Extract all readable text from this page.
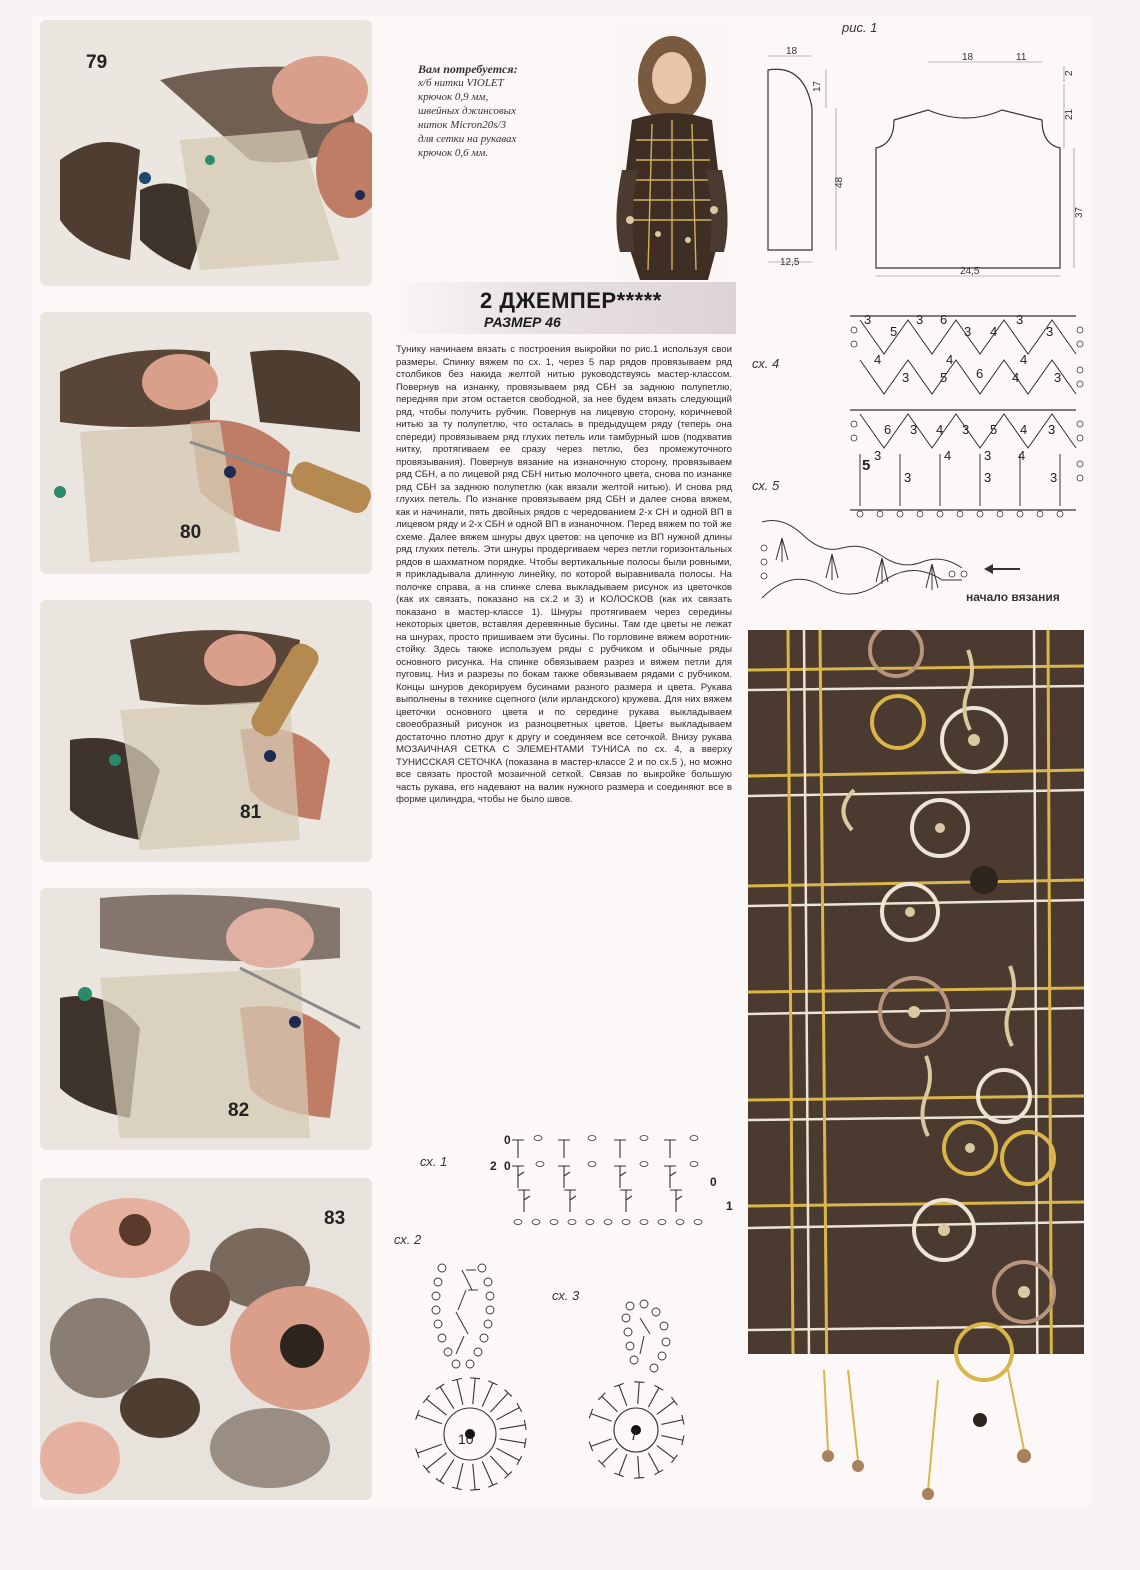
79
80
81
82
83
Вам потребуется:
х/б нитки VIOLET
крючок 0,9 мм,
швейных джинсовых
ниток Micron20s/3
для сетки на рукавах
крючок 0,6 мм.
рис. 1
18
17
48
12,5
18	11
2
21
37
24,5
2 ДЖЕМПЕР*****
РАЗМЕР 46
Тунику начинаем вязать с построения выкройки по рис.1 используя свои размеры. Спинку вяжем по сх. 1, через 5 пар рядов провязываем ряд столбиков без накида желтой нитью руководствуясь мастер-классом. Повернув на изнанку, провязываем ряд СБН за заднюю полупетлю, передняя при этом остается свободной, за нее будем вязать следующий ряд, чтобы получить рубчик. Повернув на лицевую сторону, коричневой нитью за ту полупетлю, что осталась в предыдущем ряду (теперь она спереди) провязываем ряд глухих петель или тамбурный шов (подхватив нитку, протягиваем ее сразу через петлю, без промежуточного провязывания). Повернув вязание на изнаночную сторону, провязываем ряд СБН, а по лицевой ряд СБН нитью молочного цвета, снова по изнанке ряд СБН за заднюю полупетлю (как вязали желтой нитью). И снова ряд глухих петель. По изнанке провязываем ряд СБН и далее снова вяжем, как и начинали, пять двойных рядов с чередованием 2-х СН и одной ВП в лицевом ряду и 2-х СБН и одной ВП в изнаночном. Перед вяжем по той же схеме. Далее вяжем шнуры двух цветов: на цепочке из ВП нужной длины ряд глухих петель. Эти шнуры продергиваем через петли горизонтальных рядов в шахматном порядке. Чтобы вертикальные полосы были ровными, я прикладывала длинную линейку, по которой выравнивала полосы. На полочке справа, а на спинке слева выкладываем рисунок из цветочков (как их связать, показано на сх.2 и 3) и КОЛОСКОВ (как их связать показано в мастер-классе 1). Шнуры протягиваем через середины некоторых цветов, вставляя деревянные бусины. Там где цветы не лежат на шнурах, просто пришиваем эти бусины. По горловине вяжем воротник-стойку. Здесь также используем ряды с рубчиком и обычные ряды основного рисунка. На спинке обвязываем разрез и вяжем петли для пуговиц. Низ и разрезы по бокам также обвязываем рядами с рубчиком. Концы шнуров декорируем бусинами разного размера и цвета. Рукава выполнены в технике сцепного (или ирландского) кружева. Для них вяжем цветочки основного цвета и по середине рукава выкладываем своеобразный рисунок из разноцветных цветов. Цветы выкладываем достаточно плотно друг к другу и соединяем все сеточкой. Внизу рукава МОЗАИЧНАЯ СЕТКА С ЭЛЕМЕНТАМИ ТУНИСА по сх. 4, а вверху ТУНИССКАЯ СЕТОЧКА (показана в мастер-классе 2 и по сх.5 ), но можно все связать простой мозаичной сеткой. Связав по выкройке большую часть рукава, его надевают на валик нужного размера и соединяют все в форме цилиндра, чтобы не было швов.
сх. 4
3
5
3 6
3 4
3
3
4	4	4
3 5 6 4	3
6 3 4 3 5 4 3
3	4	3 4
5
3	3	3
сх. 5
начало вязания
сх. 1
0
2 0
0
1
сх. 2
10
сх. 3
7
